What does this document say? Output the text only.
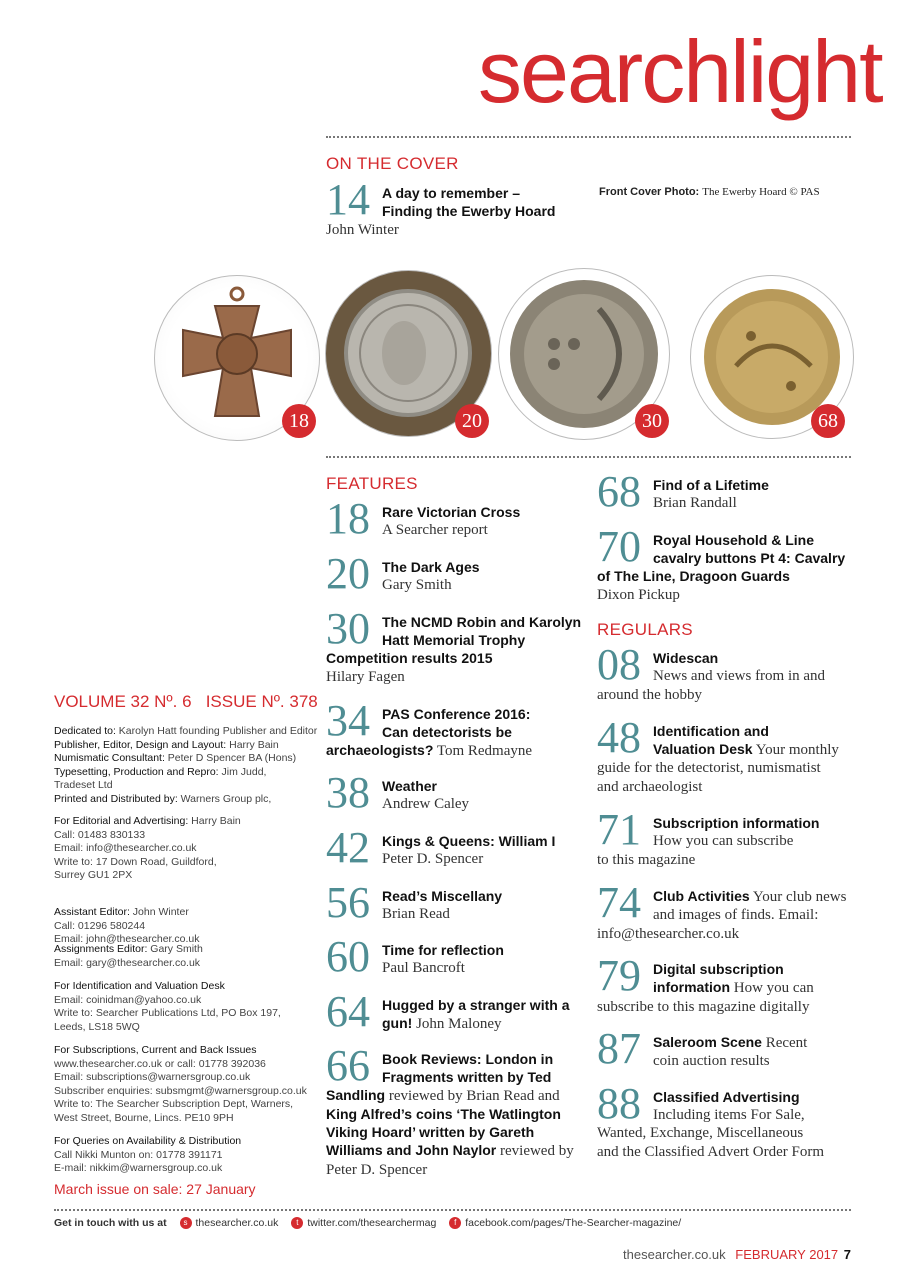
searchlight
ON THE COVER
14 A day to remember –
Finding the Ewerby Hoard
John Winter
Front Cover Photo: The Ewerby Hoard © PAS
18	20	30	68
FEATURES
18 Rare Victorian Cross
A Searcher report
20 The Dark Ages
Gary Smith
30 The NCMD Robin and Karolyn
Hatt Memorial Trophy
Competition results 2015
Hilary Fagen
34 PAS Conference 2016:
Can detectorists be
archaeologists? Tom Redmayne
38 Weather
Andrew Caley
42 Kings & Queens: William I
Peter D. Spencer
56 Read’s Miscellany
Brian Read
60 Time for reflection
Paul Bancroft
64 Hugged by a stranger with a
gun! John Maloney
66 Book Reviews: London in
Fragments written by Ted
Sandling reviewed by Brian Read and
King Alfred’s coins ‘The Watlington
Viking Hoard’ written by Gareth
Williams and John Naylor reviewed by
Peter D. Spencer
68 Find of a Lifetime
Brian Randall
70 Royal Household & Line
cavalry buttons Pt 4: Cavalry
of The Line, Dragoon Guards
Dixon Pickup
REGULARS
08 Widescan
News and views from in and
around the hobby
48 Identification and
Valuation Desk Your monthly
guide for the detectorist, numismatist
and archaeologist
71 Subscription information
How you can subscribe
to this magazine
74 Club Activities Your club news
and images of finds. Email:
info@thesearcher.co.uk
79 Digital subscription
information How you can
subscribe to this magazine digitally
87 Saleroom Scene Recent
coin auction results
88 Classified Advertising
Including items For Sale,
Wanted, Exchange, Miscellaneous
and the Classified Advert Order Form
VOLUME 32 Nº. 6   ISSUE Nº. 378
Dedicated to: Karolyn Hatt founding Publisher and Editor
Publisher, Editor, Design and Layout: Harry Bain
Numismatic Consultant: Peter D Spencer BA (Hons)
Typesetting, Production and Repro: Jim Judd,
Tradeset Ltd
Printed and Distributed by: Warners Group plc,
For Editorial and Advertising: Harry Bain
Call: 01483 830133
Email: info@thesearcher.co.uk
Write to: 17 Down Road, Guildford,
Surrey GU1 2PX
Assistant Editor: John Winter
Call: 01296 580244
Email: john@thesearcher.co.uk
Assignments Editor: Gary Smith
Email: gary@thesearcher.co.uk
For Identification and Valuation Desk
Email: coinidman@yahoo.co.uk
Write to: Searcher Publications Ltd, PO Box 197,
Leeds, LS18 5WQ
For Subscriptions, Current and Back Issues
www.thesearcher.co.uk or call: 01778 392036
Email: subscriptions@warnersgroup.co.uk
Subscriber enquiries: subsmgmt@warnersgroup.co.uk
Write to: The Searcher Subscription Dept, Warners,
West Street, Bourne, Lincs. PE10 9PH
For Queries on Availability & Distribution
Call Nikki Munton on: 01778 391171
E-mail: nikkim@warnersgroup.co.uk
March issue on sale: 27 January
Get in touch with us at s thesearcher.co.uk t twitter.com/thesearchermag f facebook.com/pages/The-Searcher-magazine/
thesearcher.co.uk FEBRUARY 2017 7
